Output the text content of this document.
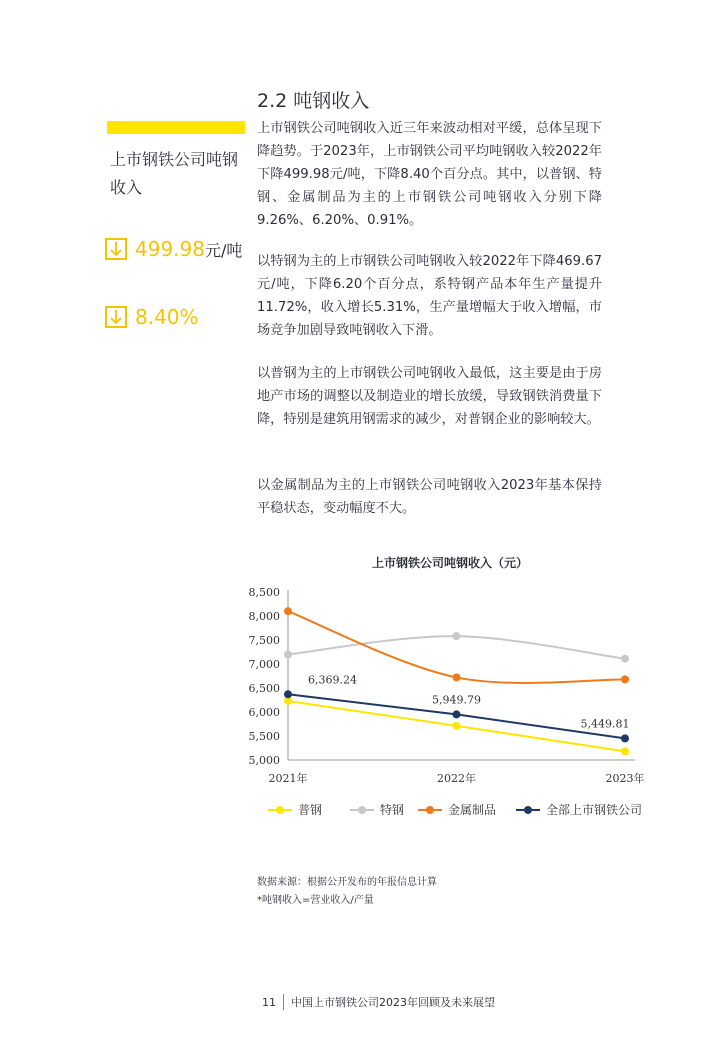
2.2 吨钢收入
上市钢铁公司吨钢收入
499.98 元/吨
8.40%

上市钢铁公司吨钢收入近三年来波动相对平缓，总体呈现下降趋势。于2023年，上市钢铁公司平均吨钢收入较2022年下降499.98元/吨，下降8.40个百分点。其中，以普钢、特钢、金属制品为主的上市钢铁公司吨钢收入分别下降9.26%、6.20%、0.91%。

以特钢为主的上市钢铁公司吨钢收入较2022年下降469.67元/吨，下降6.20个百分点，系特钢产品本年生产量提升11.72%，收入增长5.31%，生产量增幅大于收入增幅，市场竞争加剧导致吨钢收入下滑。

以普钢为主的上市钢铁公司吨钢收入最低，这主要是由于房地产市场的调整以及制造业的增长放缓，导致钢铁消费量下降，特别是建筑用钢需求的减少，对普钢企业的影响较大。

以金属制品为主的上市钢铁公司吨钢收入2023年基本保持平稳状态，变动幅度不大。

上市钢铁公司吨钢收入（元）
5,000
5,500
6,000
6,500
7,000
7,500
8,000
8,500
2021年	2022年	2023年
6,369.24
5,949.79
5,449.81
普钢	特钢	金属制品	全部上市钢铁公司
数据来源：根据公开发布的年报信息计算
*吨钢收入=营业收入/产量
11 中国上市钢铁公司2023年回顾及未来展望
